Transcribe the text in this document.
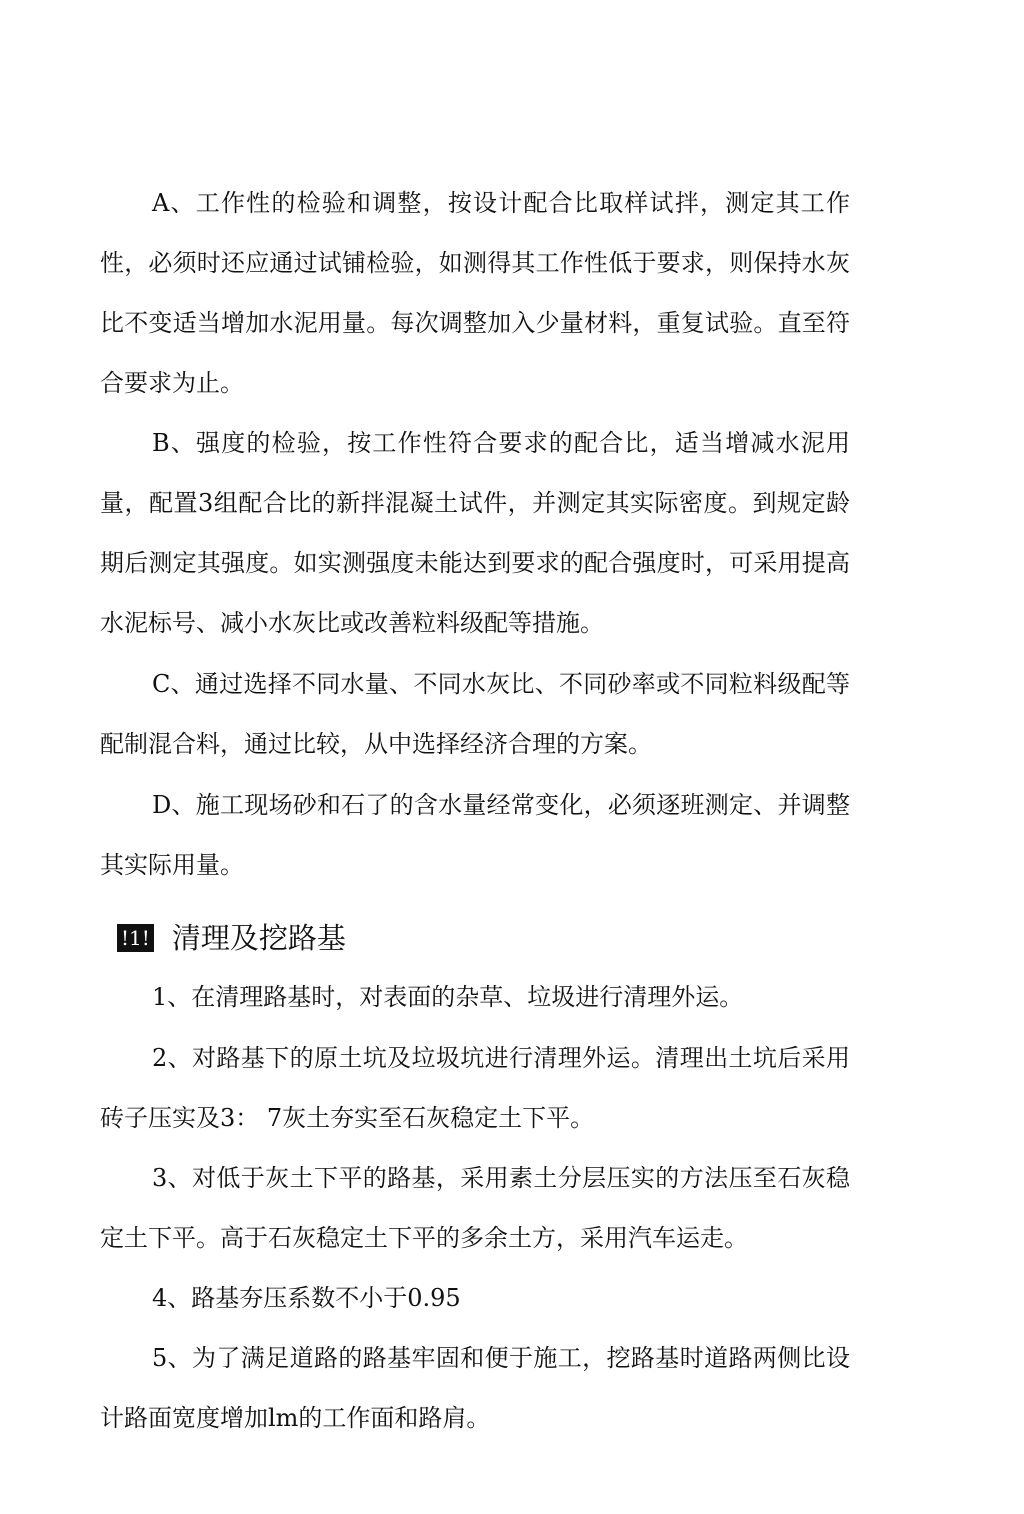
A、工作性的检验和调整，按设计配合比取样试拌，测定其工作性，必须时还应通过试铺检验，如测得其工作性低于要求，则保持水灰比不变适当增加水泥用量。每次调整加入少量材料，重复试验。直至符合要求为止。

B、强度的检验，按工作性符合要求的配合比，适当增减水泥用量，配置3组配合比的新拌混凝土试件，并测定其实际密度。到规定龄期后测定其强度。如实测强度未能达到要求的配合强度时，可采用提高水泥标号、减小水灰比或改善粒料级配等措施。

C、通过选择不同水量、不同水灰比、不同砂率或不同粒料级配等配制混合料，通过比较，从中选择经济合理的方案。

D、施工现场砂和石了的含水量经常变化，必须逐班测定、并调整其实际用量。

!1! 清理及挖路基

1、在清理路基时，对表面的杂草、垃圾进行清理外运。

2、对路基下的原土坑及垃圾坑进行清理外运。清理出土坑后采用砖子压实及3： 7灰土夯实至石灰稳定土下平。

3、对低于灰土下平的路基，采用素土分层压实的方法压至石灰稳定土下平。高于石灰稳定土下平的多余土方，采用汽车运走。

4、路基夯压系数不小于0.95

5、为了满足道路的路基牢固和便于施工，挖路基时道路两侧比设计路面宽度增加lm的工作面和路肩。
